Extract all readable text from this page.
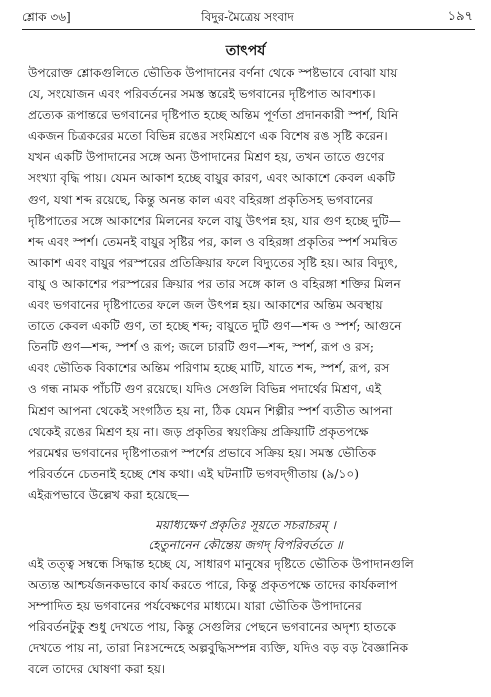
শ্লোক ৩৬]	বিদুর-মৈত্রেয় সংবাদ	১৯৭
তাৎপর্য
উপরোক্ত শ্লোকগুলিতে ভৌতিক উপাদানের বর্ণনা থেকে স্পষ্টভাবে বোঝা যায়
যে, সংযোজন এবং পরিবর্তনের সমস্ত স্তরেই ভগবানের দৃষ্টিপাত আবশ্যক।
প্রত্যেক রূপান্তরে ভগবানের দৃষ্টিপাত হচ্ছে অন্তিম পূর্ণতা প্রদানকারী স্পর্শ, যিনি
একজন চিত্রকরের মতো বিভিন্ন রঙের সংমিশ্রণে এক বিশেষ রঙ সৃষ্টি করেন।
যখন একটি উপাদানের সঙ্গে অন্য উপাদানের মিশ্রণ হয়, তখন তাতে গুণের
সংখ্যা বৃদ্ধি পায়। যেমন আকাশ হচ্ছে বায়ুর কারণ, এবং আকাশে কেবল একটি
গুণ, যথা শব্দ রয়েছে, কিন্তু অনন্ত কাল এবং বহিরঙ্গা প্রকৃতিসহ ভগবানের
দৃষ্টিপাতের সঙ্গে আকাশের মিলনের ফলে বায়ু উৎপন্ন হয়, যার গুণ হচ্ছে দুটি—
শব্দ এবং স্পর্শ। তেমনই বায়ুর সৃষ্টির পর, কাল ও বহিরঙ্গা প্রকৃতির স্পর্শ সমন্বিত
আকাশ এবং বায়ুর পরস্পরের প্রতিক্রিয়ার ফলে বিদ্যুতের সৃষ্টি হয়। আর বিদ্যুৎ,
বায়ু ও আকাশের পরস্পরের ক্রিয়ার পর তার সঙ্গে কাল ও বহিরঙ্গা শক্তির মিলন
এবং ভগবানের দৃষ্টিপাতের ফলে জল উৎপন্ন হয়। আকাশের অন্তিম অবস্থায়
তাতে কেবল একটি গুণ, তা হচ্ছে শব্দ; বায়ুতে দুটি গুণ—শব্দ ও স্পর্শ; আগুনে
তিনটি গুণ—শব্দ, স্পর্শ ও রূপ; জলে চারটি গুণ—শব্দ, স্পর্শ, রূপ ও রস;
এবং ভৌতিক বিকাশের অন্তিম পরিণাম হচ্ছে মাটি, যাতে শব্দ, স্পর্শ, রূপ, রস
ও গন্ধ নামক পাঁচটি গুণ রয়েছে। যদিও সেগুলি বিভিন্ন পদার্থের মিশ্রণ, এই
মিশ্রণ আপনা থেকেই সংগঠিত হয় না, ঠিক যেমন শিল্পীর স্পর্শ ব্যতীত আপনা
থেকেই রঙের মিশ্রণ হয় না। জড় প্রকৃতির স্বয়ংক্রিয় প্রক্রিয়াটি প্রকৃতপক্ষে
পরমেশ্বর ভগবানের দৃষ্টিপাতরূপ স্পর্শের প্রভাবে সক্রিয় হয়। সমস্ত ভৌতিক
পরিবর্তনে চেতনাই হচ্ছে শেষ কথা। এই ঘটনাটি ভগবদ্‌গীতায় (৯/১০)
এইরূপভাবে উল্লেখ করা হয়েছে—
ময়াধ্যক্ষেণ প্রকৃতিঃ সূয়তে সচরাচরম্ ।
হেতুনানেন কৌন্তেয় জগদ্ বিপরিবর্ততে ॥
এই তত্ত্ব সম্বন্ধে সিদ্ধান্ত হচ্ছে যে, সাধারণ মানুষের দৃষ্টিতে ভৌতিক উপাদানগুলি
অত্যন্ত আশ্চর্যজনকভাবে কার্য করতে পারে, কিন্তু প্রকৃতপক্ষে তাদের কার্যকলাপ
সম্পাদিত হয় ভগবানের পর্যবেক্ষণের মাধ্যমে। যারা ভৌতিক উপাদানের
পরিবর্তনটুকু শুধু দেখতে পায়, কিন্তু সেগুলির পেছনে ভগবানের অদৃশ্য হাতকে
দেখতে পায় না, তারা নিঃসন্দেহে অল্পবুদ্ধিসম্পন্ন ব্যক্তি, যদিও বড় বড় বৈজ্ঞানিক
বলে তাদের ঘোষণা করা হয়।
